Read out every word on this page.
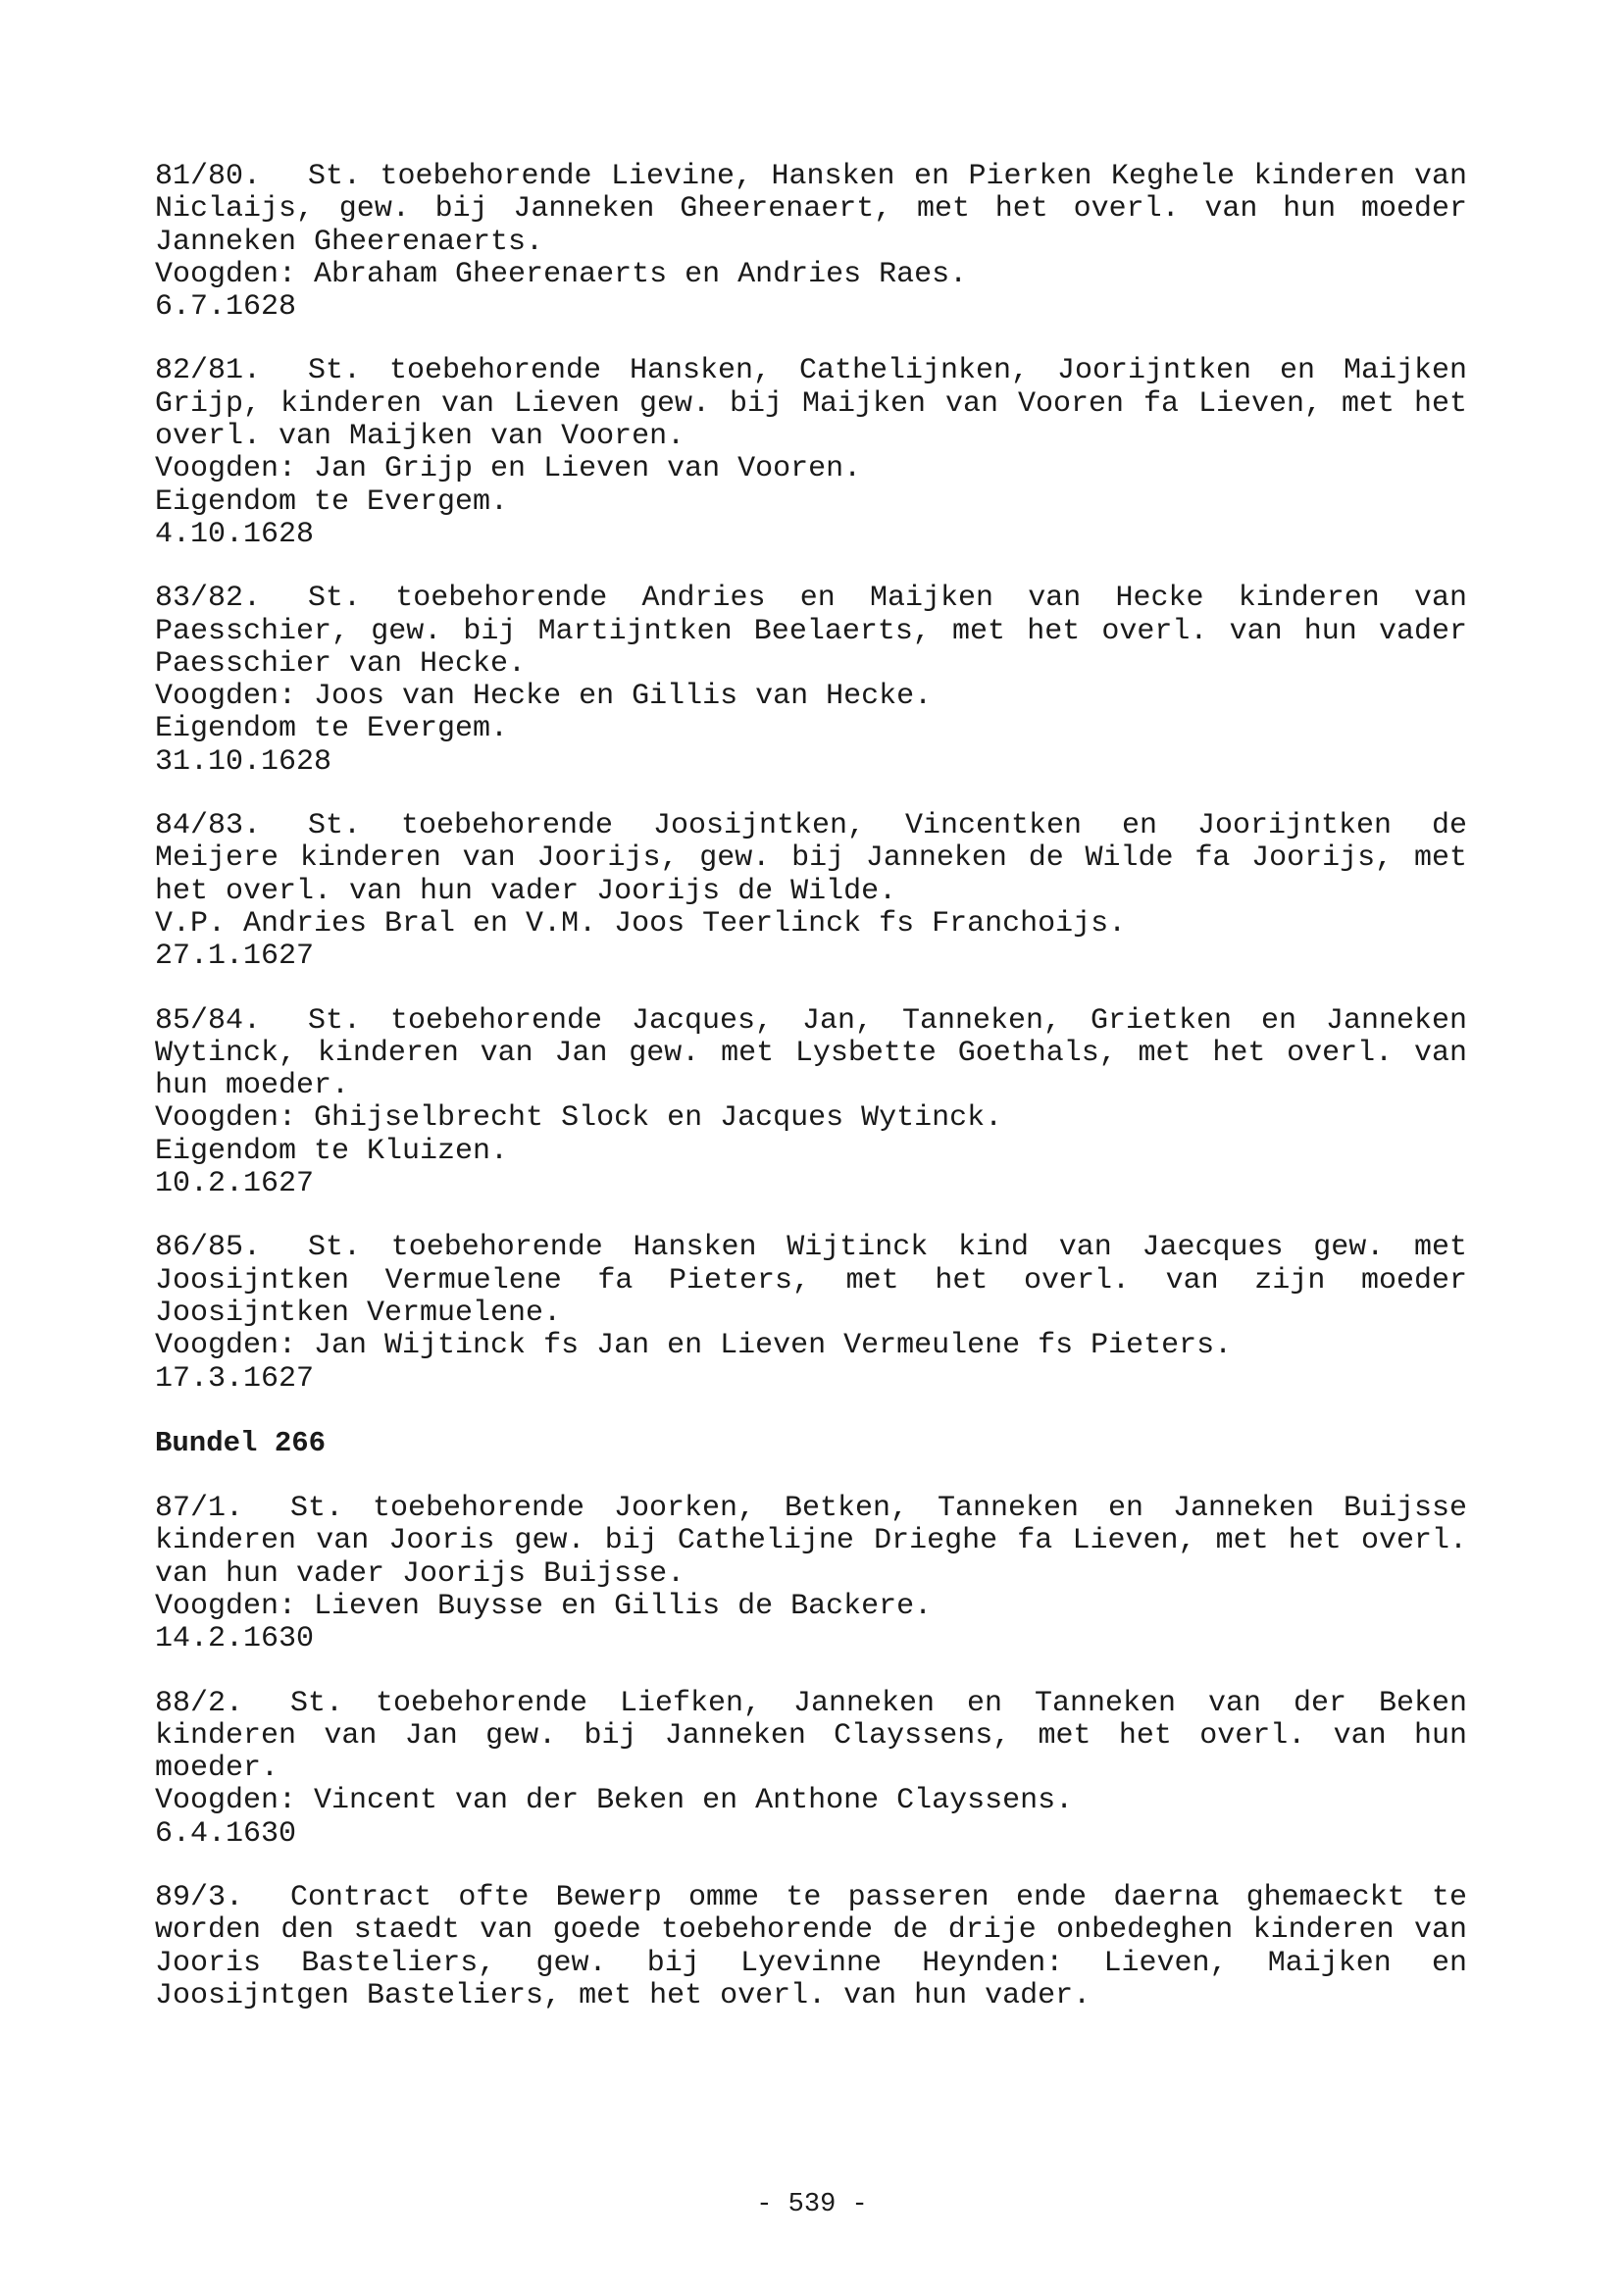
81/80. St. toebehorende Lievine, Hansken en Pierken Keghele kinderen van Niclaijs, gew. bij Janneken Gheerenaert, met het overl. van hun moeder Janneken Gheerenaerts.
Voogden: Abraham Gheerenaerts en Andries Raes.
6.7.1628
82/81. St. toebehorende Hansken, Cathelijnken, Joorijntken en Maijken Grijp, kinderen van Lieven gew. bij Maijken van Vooren fa Lieven, met het overl. van Maijken van Vooren.
Voogden: Jan Grijp en Lieven van Vooren.
Eigendom te Evergem.
4.10.1628
83/82. St. toebehorende Andries en Maijken van Hecke kinderen van Paesschier, gew. bij Martijntken Beelaerts, met het overl. van hun vader Paesschier van Hecke.
Voogden: Joos van Hecke en Gillis van Hecke.
Eigendom te Evergem.
31.10.1628
84/83. St. toebehorende Joosijntken, Vincentken en Joorijntken de Meijere kinderen van Joorijs, gew. bij Janneken de Wilde fa Joorijs, met het overl. van hun vader Joorijs de Wilde.
V.P. Andries Bral en V.M. Joos Teerlinck fs Franchoijs.
27.1.1627
85/84. St. toebehorende Jacques, Jan, Tanneken, Grietken en Janneken Wytinck, kinderen van Jan gew. met Lysbette Goethals, met het overl. van hun moeder.
Voogden: Ghijselbrecht Slock en Jacques Wytinck.
Eigendom te Kluizen.
10.2.1627
86/85. St. toebehorende Hansken Wijtinck kind van Jaecques gew. met Joosijntken Vermuelene fa Pieters, met het overl. van zijn moeder Joosijntken Vermuelene.
Voogden: Jan Wijtinck fs Jan en Lieven Vermeulene fs Pieters.
17.3.1627
Bundel 266
87/1. St. toebehorende Joorken, Betken, Tanneken en Janneken Buijsse kinderen van Jooris gew. bij Cathelijne Drieghe fa Lieven, met het overl. van hun vader Joorijs Buijsse.
Voogden: Lieven Buysse en Gillis de Backere.
14.2.1630
88/2. St. toebehorende Liefken, Janneken en Tanneken van der Beken kinderen van Jan gew. bij Janneken Clayssens, met het overl. van hun moeder.
Voogden: Vincent van der Beken en Anthone Clayssens.
6.4.1630
89/3. Contract ofte Bewerp omme te passeren ende daerna ghemaeckt te worden den staedt van goede toebehorende de drije onbedeghen kinderen van Jooris Basteliers, gew. bij Lyevinne Heynden: Lieven, Maijken en Joosijntgen Basteliers, met het overl. van hun vader.
- 539 -
